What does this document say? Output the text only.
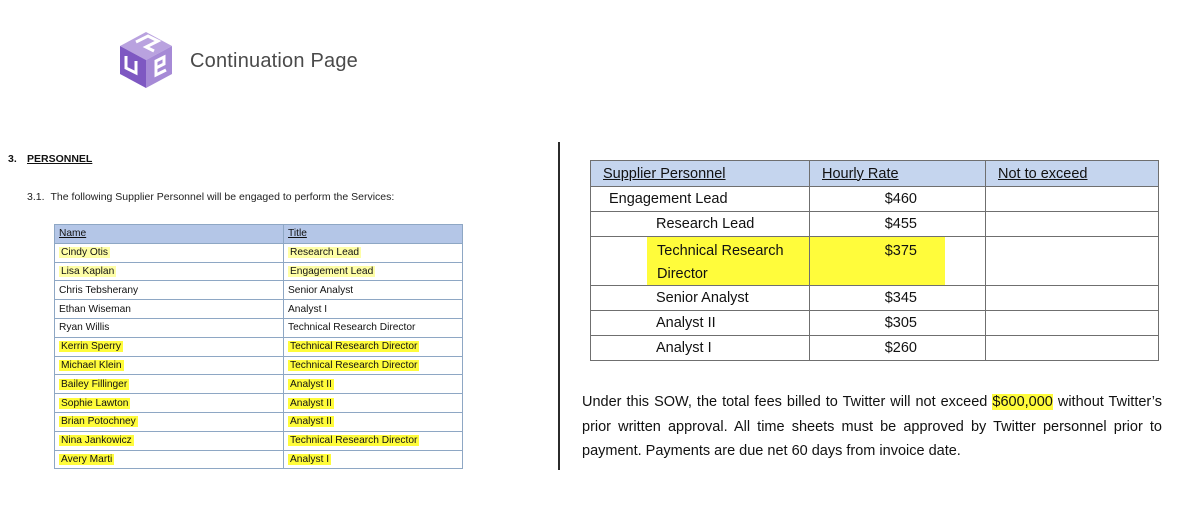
Continuation Page
3. PERSONNEL
3.1. The following Supplier Personnel will be engaged to perform the Services:
Name	Title
Cindy Otis	Research Lead
Lisa Kaplan	Engagement Lead
Chris Tebsherany	Senior Analyst
Ethan Wiseman	Analyst I
Ryan Willis	Technical Research Director
Kerrin Sperry	Technical Research Director
Michael Klein	Technical Research Director
Bailey Fillinger	Analyst II
Sophie Lawton	Analyst II
Brian Potochney	Analyst II
Nina Jankowicz	Technical Research Director
Avery Marti	Analyst I
Supplier Personnel	Hourly Rate	Not to exceed
Engagement Lead	$460	
Research Lead	$455	

Technical Research
Director	$375	

Senior Analyst	$345	
Analyst II	$305	
Analyst I	$260	
Under this SOW, the total fees billed to Twitter will not exceed $600,000 without Twitter’s prior written approval. All time sheets must be approved by Twitter personnel prior to payment. Payments are due net 60 days from invoice date.
